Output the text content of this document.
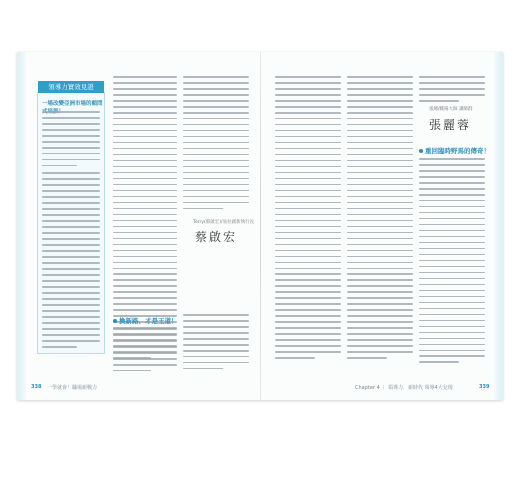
領導力實效見證
一場改變亞洲市場的顛問
Terry(蔡啟宏)/易拉創新執行長
蔡啟宏
換新路、才是王道！
338 一學就會！職場新戰力
張總/職場大師 講師群
張麗蓉
重回臨時野馬的傳奇！
Chapter 4 ｜ 領導力．新時代 領導4大兌現	339
